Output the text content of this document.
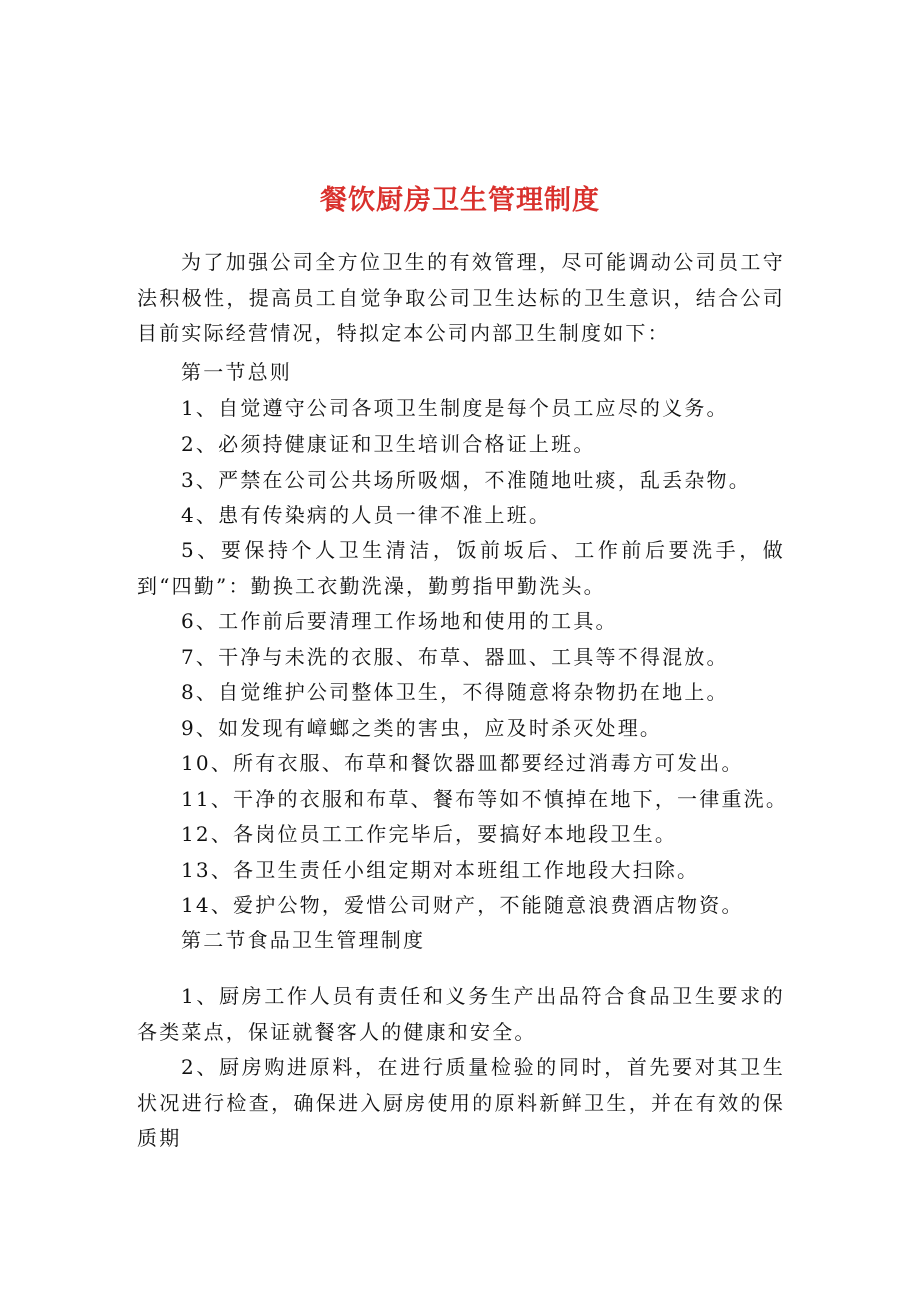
餐饮厨房卫生管理制度

为了加强公司全方位卫生的有效管理，尽可能调动公司员工守法积极性，提高员工自觉争取公司卫生达标的卫生意识，结合公司目前实际经营情况，特拟定本公司内部卫生制度如下：

第一节总则

1、自觉遵守公司各项卫生制度是每个员工应尽的义务。

2、必须持健康证和卫生培训合格证上班。

3、严禁在公司公共场所吸烟，不准随地吐痰，乱丢杂物。

4、患有传染病的人员一律不准上班。

5、要保持个人卫生清洁，饭前坂后、工作前后要洗手，做到“四勤”：勤换工衣勤洗澡，勤剪指甲勤洗头。

6、工作前后要清理工作场地和使用的工具。

7、干净与未洗的衣服、布草、器皿、工具等不得混放。

8、自觉维护公司整体卫生，不得随意将杂物扔在地上。

9、如发现有嶂螂之类的害虫，应及时杀灭处理。

10、所有衣服、布草和餐饮器皿都要经过消毒方可发出。

11、干净的衣服和布草、餐布等如不慎掉在地下，一律重洗。

12、各岗位员工工作完毕后，要搞好本地段卫生。

13、各卫生责任小组定期对本班组工作地段大扫除。

14、爱护公物，爱惜公司财产，不能随意浪费酒店物资。

第二节食品卫生管理制度

1、厨房工作人员有责任和义务生产出品符合食品卫生要求的各类菜点，保证就餐客人的健康和安全。

2、厨房购进原料，在进行质量检验的同时，首先要对其卫生状况进行检查，确保进入厨房使用的原料新鲜卫生，并在有效的保质期
